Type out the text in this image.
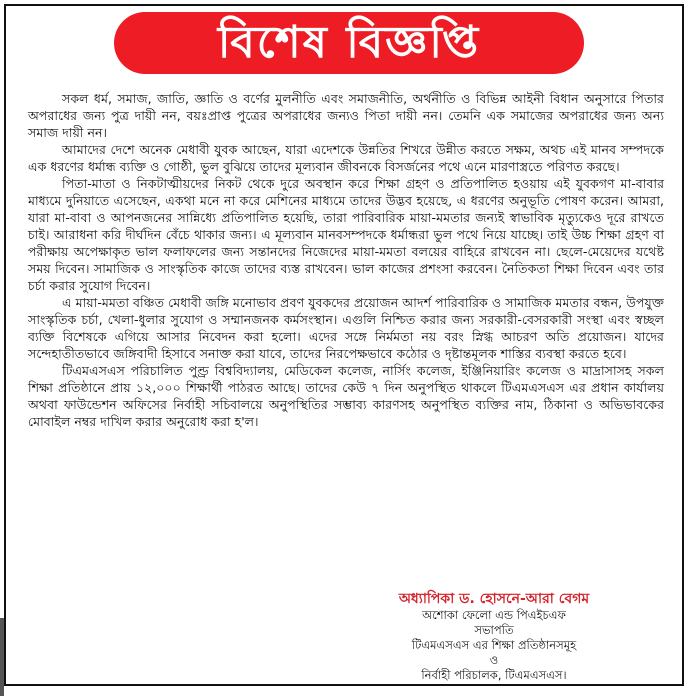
বিশেষ বিজ্ঞপ্তি

সকল ধর্ম, সমাজ, জাতি, জ্ঞাতি ও বর্ণের মুলনীতি এবং সমাজনীতি, অর্থনীতি ও বিভিন্ন আইনী বিধান অনুসারে পিতার অপরাধের জন্য পুত্র দায়ী নন, বয়ঃপ্রাপ্ত পুত্রের অপরাধের জন্যও পিতা দায়ী নন। তেমনি এক সমাজের অপরাধের জন্য অন্য সমাজ দায়ী নন।

আমাদের দেশে অনেক মেধাবী যুবক আছেন, যারা এদেশকে উন্নতির শিখরে উন্নীত করতে সক্ষম, অথচ এই মানব সম্পদকে এক ধরণের ধর্মান্ধ ব্যক্তি ও গোষ্ঠী, ভুল বুঝিয়ে তাদের মূল্যবান জীবনকে বিসর্জনের পথে এনে মারণাস্ত্রতে পরিণত করছে।

পিতা-মাতা ও নিকটাত্মীয়দের নিকট থেকে দুরে অবস্থান করে শিক্ষা গ্রহণ ও প্রতিপালিত হওয়ায় এই যুবকগণ মা-বাবার মাধ্যমে দুনিয়াতে এসেছেন, একথা মনে না করে মেশিনের মাধ্যমে তাদের উদ্ভব হয়েছে, এ ধরণের অনুভূতি পোষণ করেন। আমরা, যারা মা-বাবা ও আপনজনের সান্নিধ্যে প্রতিপালিত হয়েছি, তারা পারিবারিক মায়া-মমতার জন্যই স্বাভাবিক মৃত্যুকেও দূরে রাখতে চাই। আরাধনা করি দীর্ঘদিন বেঁচে থাকার জন্য। এ মূল্যবান মানবসম্পদকে ধর্মান্ধরা ভুল পথে নিয়ে যাচ্ছে। তাই উচ্চ শিক্ষা গ্রহণ বা পরীক্ষায় অপেক্ষাকৃত ভাল ফলাফলের জন্য সন্তানদের নিজেদের মায়া-মমতা বলয়ের বাহিরে রাখবেন না। ছেলে-মেয়েদের যথেষ্ট সময় দিবেন। সামাজিক ও সাংস্কৃতিক কাজে তাদের ব্যস্ত রাখবেন। ভাল কাজের প্রশংসা করবেন। নৈতিকতা শিক্ষা দিবেন এবং তার চর্চা করার সুযোগ দিবেন।

এ মায়া-মমতা বঞ্চিত মেধাবী জঙ্গি মনোভাব প্রবণ যুবকদের প্রয়োজন আদর্শ পারিবারিক ও সামাজিক মমতার বন্ধন, উপযুক্ত সাংস্কৃতিক চর্চা, খেলা-ধুলার সুযোগ ও সম্মানজনক কর্মসংস্থান। এগুলি নিশ্চিত করার জন্য সরকারী-বেসরকারী সংস্থা এবং স্বচ্ছল ব্যক্তি বিশেষকে এগিয়ে আসার নিবেদন করা হলো। এদের সঙ্গে নির্মমতা নয় বরং স্নিগ্ধ আচরণ অতি প্রয়োজন। যাদের সন্দেহাতীতভাবে জঙ্গিবাদী হিসাবে সনাক্ত করা যাবে, তাদের নিরপেক্ষভাবে কঠোর ও দৃষ্টান্তমূলক শাস্তির ব্যবস্থা করতে হবে।

টিএমএসএস পরিচালিত পুণ্ড্র বিশ্ববিদ্যালয়, মেডিকেল কলেজ, নার্সিং কলেজ, ইঞ্জিনিয়ারিং কলেজ ও মাদ্রাসাসহ সকল শিক্ষা প্রতিষ্ঠানে প্রায় ১২,০০০ শিক্ষার্থী পাঠরত আছে। তাদের কেউ ৭ দিন অনুপস্থিত থাকলে টিএমএসএস এর প্রধান কার্যালয় অথবা ফাউন্ডেশন অফিসের নির্বাহী সচিবালয়ে অনুপস্থিতির সম্ভাব্য কারণসহ অনুপস্থিত ব্যক্তির নাম, ঠিকানা ও অভিভাবকের মোবাইল নম্বর দাখিল করার অনুরোধ করা হ'ল।

অধ্যাপিকা ড. হোসনে-আরা বেগম
অশোকা ফেলো এন্ড পিএইচএফ
সভাপতি
টিএমএসএস এর শিক্ষা প্রতিষ্ঠানসমূহ
ও
নির্বাহী পরিচালক, টিএমএসএস।
